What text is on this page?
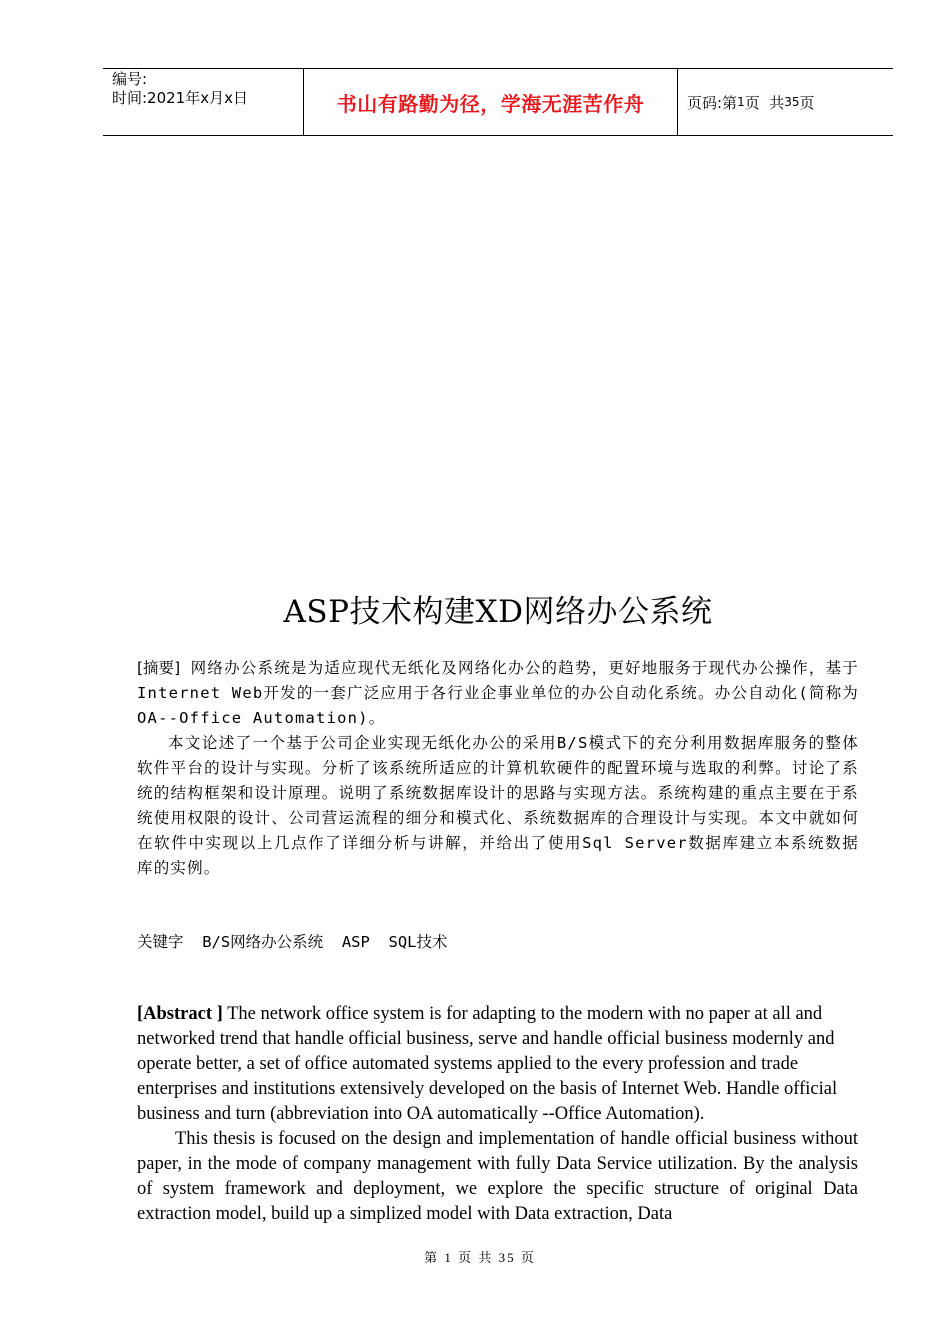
编号:
时间:2021年x月x日	书山有路勤为径，学海无涯苦作舟	页码:第 1 页  共 35 页
ASP技术构建XD网络办公系统

[摘要] 网络办公系统是为适应现代无纸化及网络化办公的趋势，更好地服务于现代办公操作，基于Internet Web开发的一套广泛应用于各行业企事业单位的办公自动化系统。办公自动化(简称为OA--Office Automation)。

本文论述了一个基于公司企业实现无纸化办公的采用B/S模式下的充分利用数据库服务的整体软件平台的设计与实现。分析了该系统所适应的计算机软硬件的配置环境与选取的利弊。讨论了系统的结构框架和设计原理。说明了系统数据库设计的思路与实现方法。系统构建的重点主要在于系统使用权限的设计、公司营运流程的细分和模式化、系统数据库的合理设计与实现。本文中就如何在软件中实现以上几点作了详细分析与讲解，并给出了使用Sql Server数据库建立本系统数据库的实例。

关键字 B/S网络办公系统  ASP  SQL技术

[Abstract ] The network office system is for adapting to the modern with no paper at all and networked trend that handle official business, serve and handle official business modernly and operate better, a set of office automated systems applied to the every profession and trade enterprises and institutions extensively developed on the basis of Internet Web. Handle official business and turn (abbreviation into OA automatically --Office Automation).

This thesis is focused on the design and implementation of handle official business without paper, in the mode of company management with fully Data Service utilization. By the analysis of system framework and deployment, we explore the specific structure of original Data extraction model, build up a simplized model with Data extraction, Data

第 1 页 共 35 页
